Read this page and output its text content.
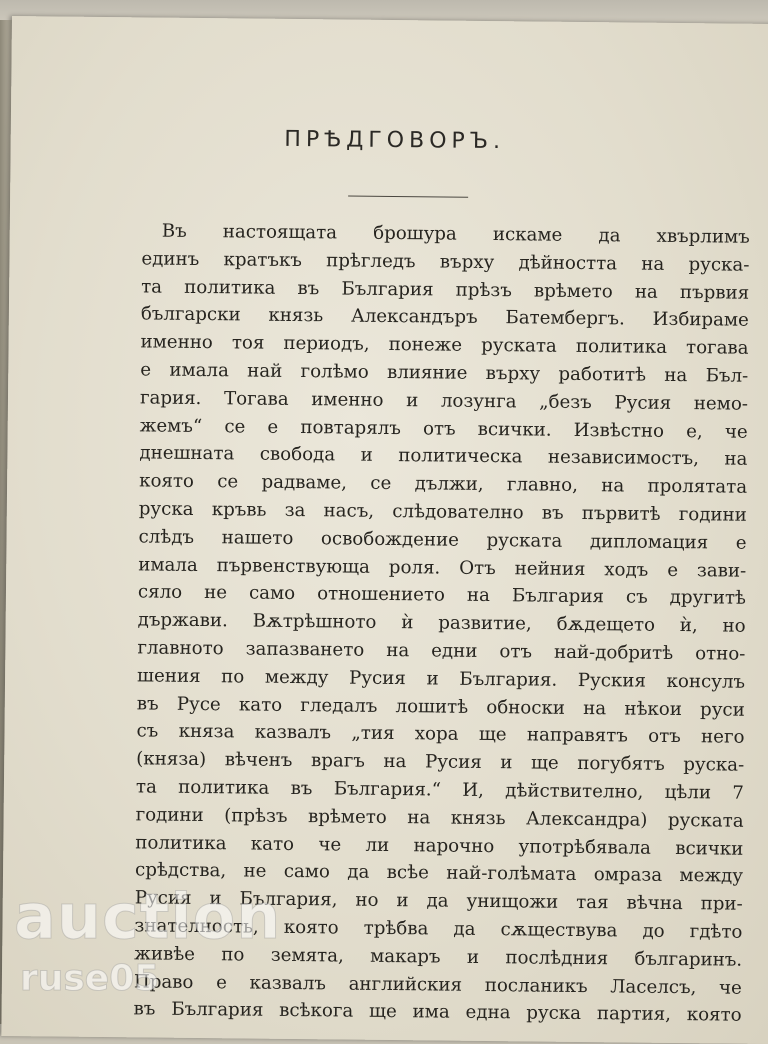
ПРѢДГОВОРЪ.
Въ настоящата брошура искаме да хвърлимъ
единъ кратъкъ прѣгледъ върху дѣйността на руска-
та политика въ България прѣзъ врѣмето на първия
български князь Александъръ Батембергъ. Избираме
именно тоя периодъ, понеже руската политика тогава
е имала най голѣмо влияние върху работитѣ на Бъл-
гария. Тогава именно и лозунга „безъ Русия немо-
жемъ“ се е повтарялъ отъ всички. Извѣстно е, че
днешната свобода и политическа независимостъ, на
която се радваме, се дължи, главно, на пролятата
руска кръвь за насъ, слѣдователно въ първитѣ години
слѣдъ нашето освобождение руската дипломация е
имала първенствующа роля. Отъ нейния ходъ е зави-
сяло не само отношението на България съ другитѣ
държави. Вѫтрѣшното ѝ развитие, бѫдещето ѝ, но
главното запазването на едни отъ най-добритѣ отно-
шения по между Русия и България. Руския консулъ
въ Русе като гледалъ лошитѣ обноски на нѣкои руси
съ княза казвалъ „тия хора ще направятъ отъ него
(княза) вѣченъ врагъ на Русия и ще погубятъ руска-
та политика въ България.“ И, дѣйствително, цѣли 7
години (прѣзъ врѣмето на князь Александра) руската
политика като че ли нарочно употрѣбявала всички
срѣдства, не само да всѣе най-голѣмата омраза между
Русия и България, но и да унищожи тая вѣчна при-
знателность, която трѣбва да сѫществува до гдѣто
живѣе по земята, макаръ и послѣдния българинъ.
Право е казвалъ английския посланикъ Ласелсъ, че
въ България всѣкога ще има една руска партия, която
auction
ruse05
